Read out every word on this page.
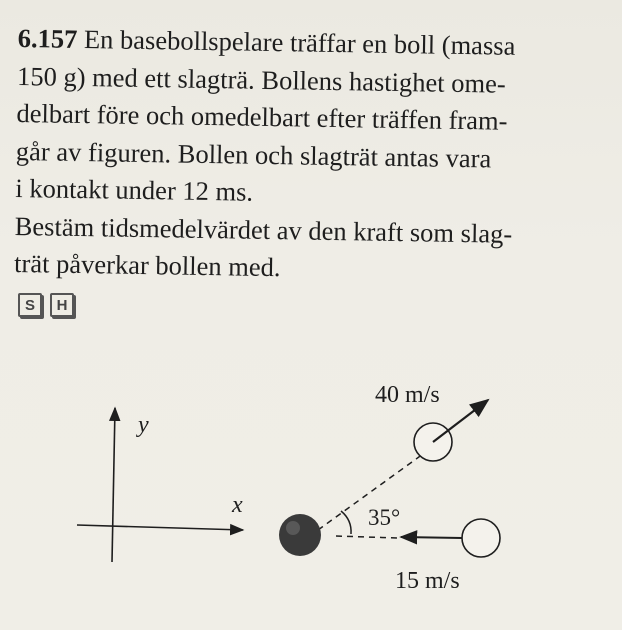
6.157 En basebollspelare träffar en boll (massa
150 g) med ett slagträ. Bollens hastighet ome-
delbart före och omedelbart efter träffen fram-
går av figuren. Bollen och slagträt antas vara
i kontakt under 12 ms.
Bestäm tidsmedelvärdet av den kraft som slag-
trät påverkar bollen med.
S	H
y
x	35°
40 m/s
15 m/s
